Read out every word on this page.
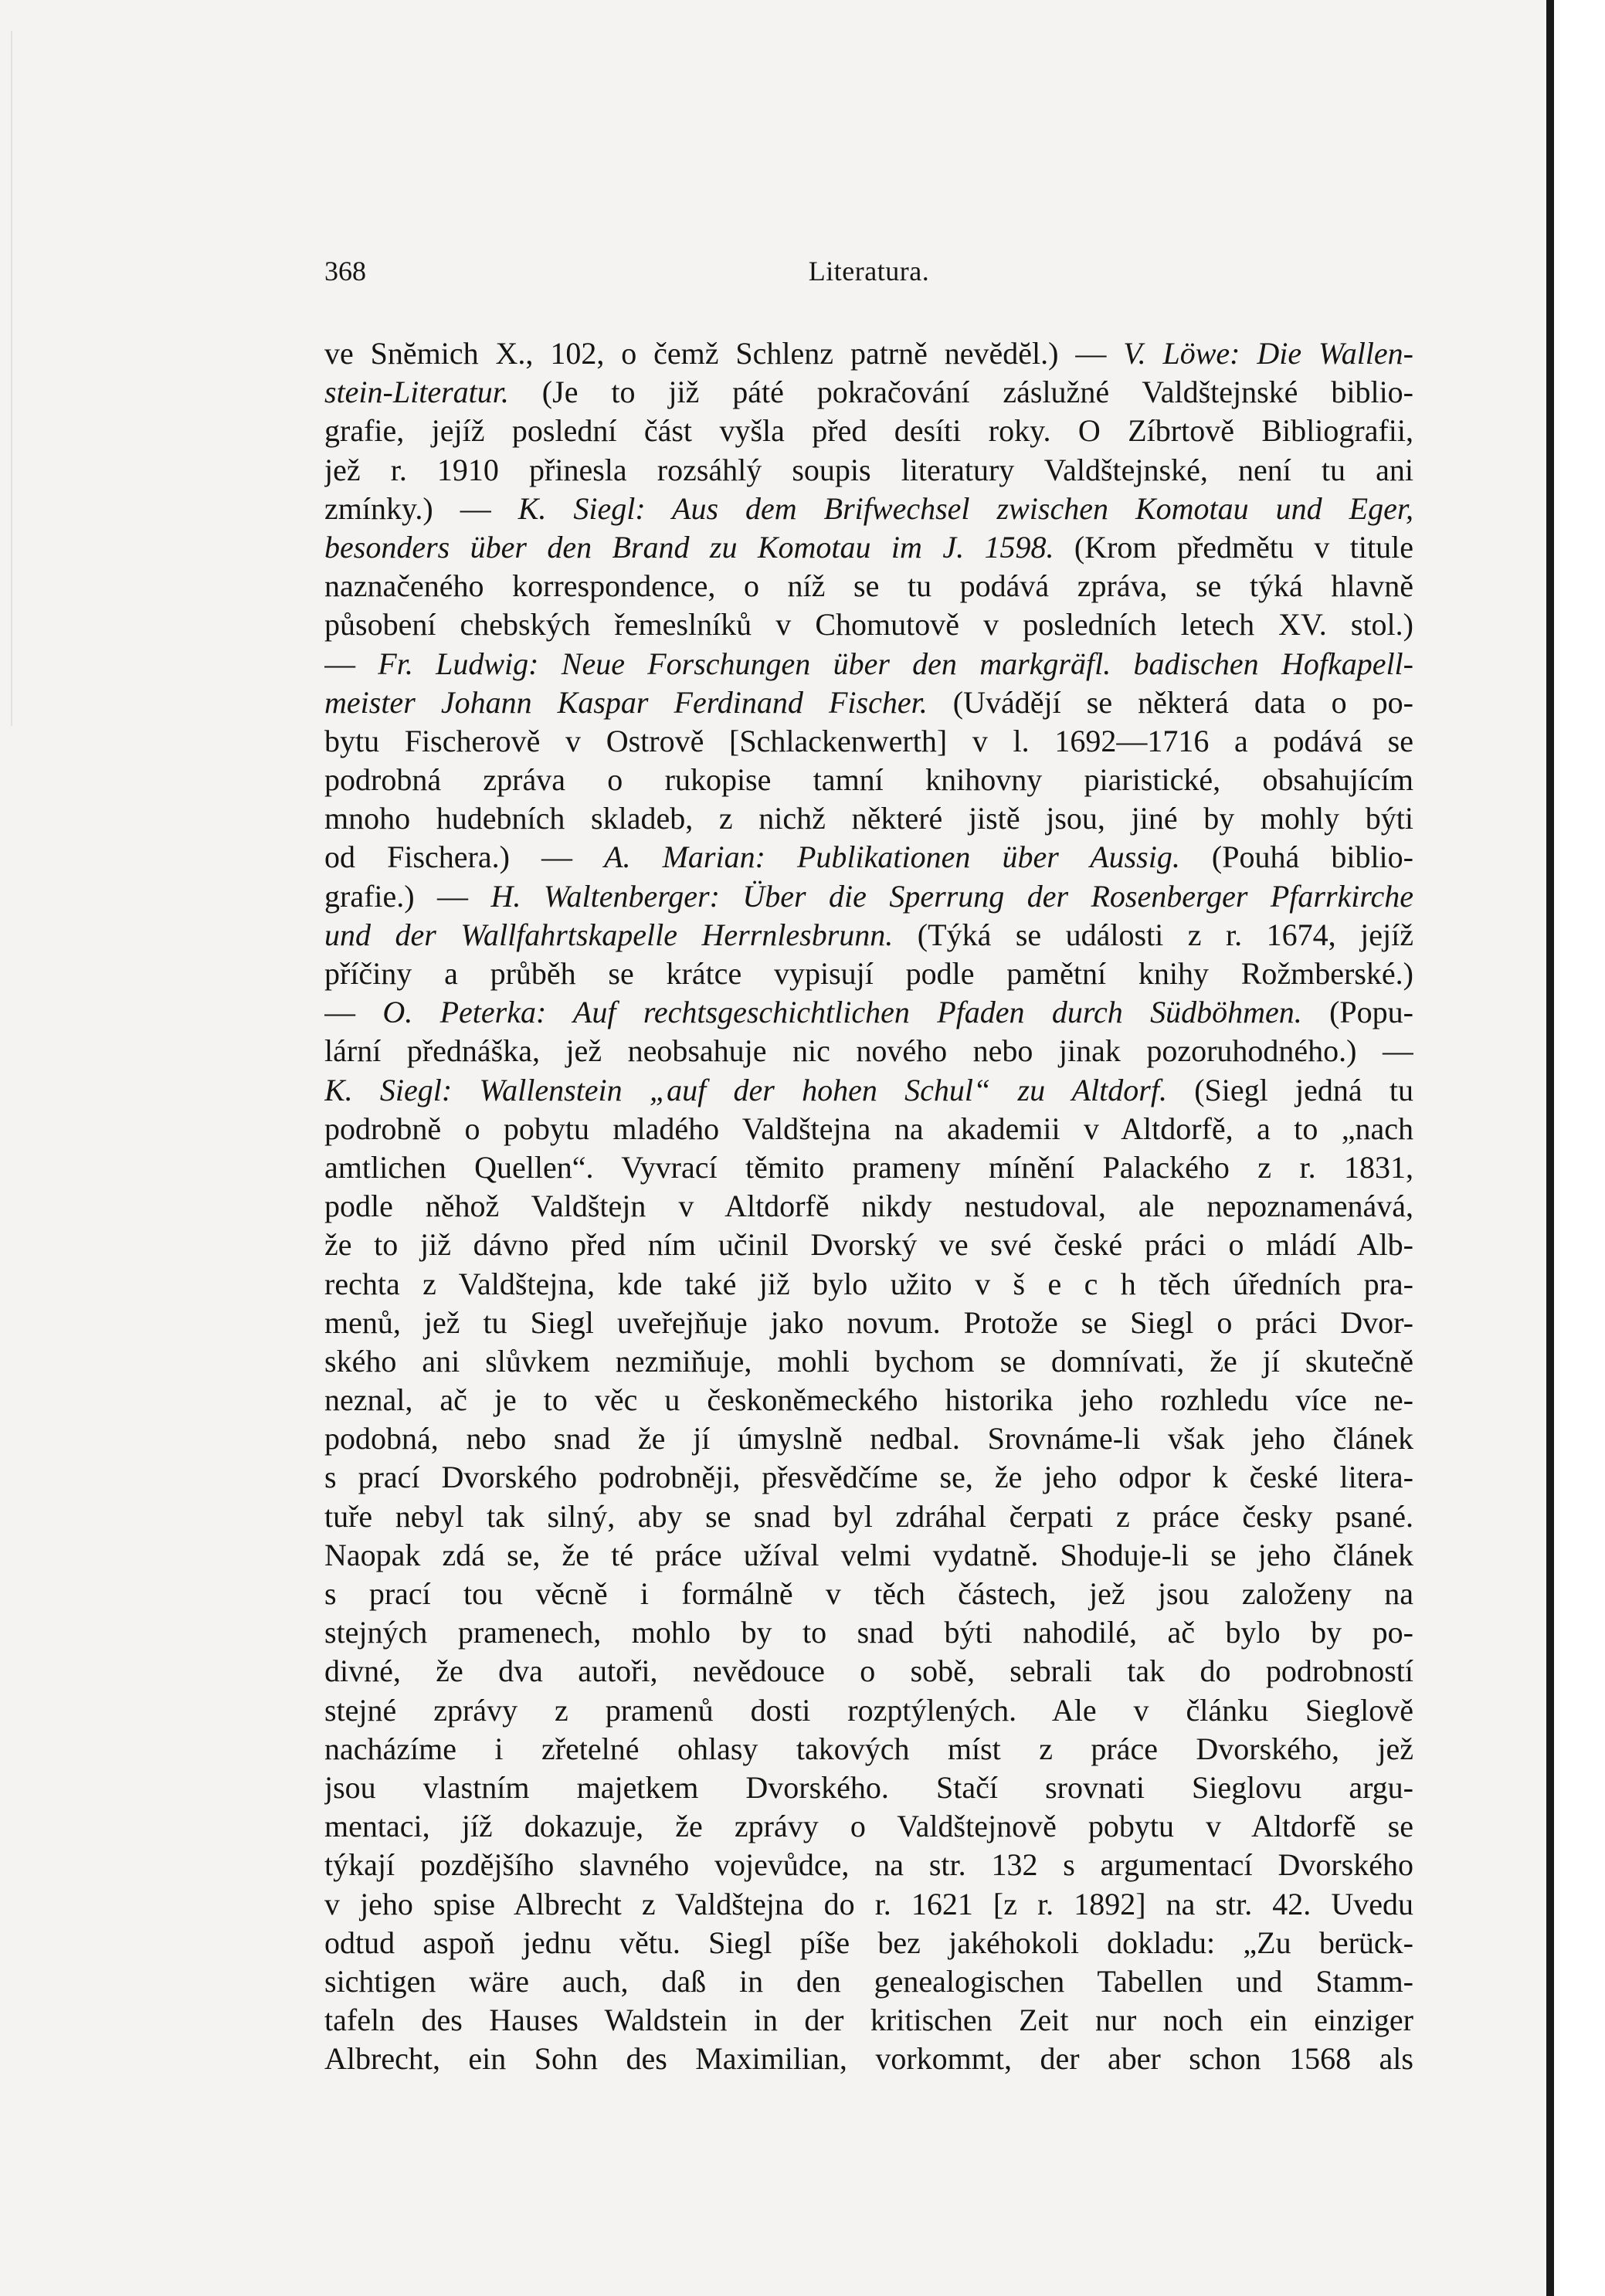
368	Literatura.
ve Snĕmich X., 102, o čemž Schlenz patrně nevĕdĕl.) — V. Löwe: Die Wallen-
stein-Literatur. (Je to již páté pokračování záslužné Valdštejnské biblio-
grafie, jejíž poslední část vyšla před desíti roky. O Zíbrtově Bibliografii,
jež r. 1910 přinesla rozsáhlý soupis literatury Valdštejnské, není tu ani
zmínky.) — K. Siegl: Aus dem Brifwechsel zwischen Komotau und Eger,
besonders über den Brand zu Komotau im J. 1598. (Krom předmětu v titule
naznačeného korrespondence, o níž se tu podává zpráva, se týká hlavně
působení chebských řemeslníků v Chomutově v posledních letech XV. stol.)
— Fr. Ludwig: Neue Forschungen über den markgräfl. badischen Hofkapell-
meister Johann Kaspar Ferdinand Fischer. (Uvádějí se některá data o po-
bytu Fischerově v Ostrově [Schlackenwerth] v l. 1692—1716 a podává se
podrobná zpráva o rukopise tamní knihovny piaristické, obsahujícím
mnoho hudebních skladeb, z nichž některé jistě jsou, jiné by mohly býti
od Fischera.) — A. Marian: Publikationen über Aussig. (Pouhá biblio-
grafie.) — H. Waltenberger: Über die Sperrung der Rosenberger Pfarrkirche
und der Wallfahrtskapelle Herrnlesbrunn. (Týká se události z r. 1674, jejíž
příčiny a průběh se krátce vypisují podle pamětní knihy Rožmberské.)
— O. Peterka: Auf rechtsgeschichtlichen Pfaden durch Südböhmen. (Popu-
lární přednáška, jež neobsahuje nic nového nebo jinak pozoruhodného.) —
K. Siegl: Wallenstein „auf der hohen Schul“ zu Altdorf. (Siegl jedná tu
podrobně o pobytu mladého Valdštejna na akademii v Altdorfě, a to „nach
amtlichen Quellen“. Vyvrací těmito prameny mínění Palackého z r. 1831,
podle něhož Valdštejn v Altdorfě nikdy nestudoval, ale nepoznamenává,
že to již dávno před ním učinil Dvorský ve své české práci o mládí Alb-
rechta z Valdštejna, kde také již bylo užito v š e c h těch úředních pra-
menů, jež tu Siegl uveřejňuje jako novum. Protože se Siegl o práci Dvor-
ského ani slůvkem nezmiňuje, mohli bychom se domnívati, že jí skutečně
neznal, ač je to věc u českoněmeckého historika jeho rozhledu více ne-
podobná, nebo snad že jí úmyslně nedbal. Srovnáme-li však jeho článek
s prací Dvorského podrobněji, přesvědčíme se, že jeho odpor k české litera-
tuře nebyl tak silný, aby se snad byl zdráhal čerpati z práce česky psané.
Naopak zdá se, že té práce užíval velmi vydatně. Shoduje-li se jeho článek
s prací tou věcně i formálně v těch částech, jež jsou založeny na
stejných pramenech, mohlo by to snad býti nahodilé, ač bylo by po-
divné, že dva autoři, nevědouce o sobě, sebrali tak do podrobností
stejné zprávy z pramenů dosti rozptýlených. Ale v článku Sieglově
nacházíme i zřetelné ohlasy takových míst z práce Dvorského, jež
jsou vlastním majetkem Dvorského. Stačí srovnati Sieglovu argu-
mentaci, jíž dokazuje, že zprávy o Valdštejnově pobytu v Altdorfě se
týkají pozdějšího slavného vojevůdce, na str. 132 s argumentací Dvorského
v jeho spise Albrecht z Valdštejna do r. 1621 [z r. 1892] na str. 42. Uvedu
odtud aspoň jednu větu. Siegl píše bez jakéhokoli dokladu: „Zu berück-
sichtigen wäre auch, daß in den genealogischen Tabellen und Stamm-
tafeln des Hauses Waldstein in der kritischen Zeit nur noch ein einziger
Albrecht, ein Sohn des Maximilian, vorkommt, der aber schon 1568 als
